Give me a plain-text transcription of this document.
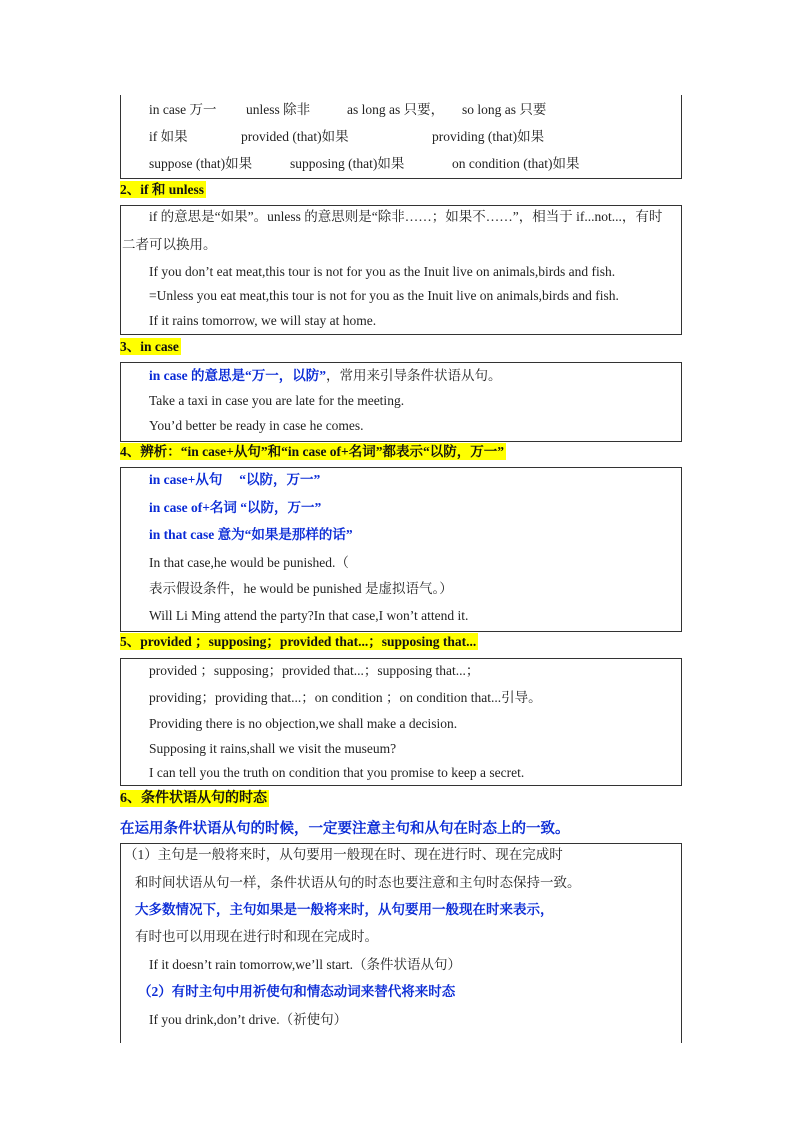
in case 万一 unless 除非	as long as 只要， so long as 只要
if 如果	provided (that)如果	providing (that)如果
suppose (that)如果	supposing (that)如果	on condition (that)如果
2、if 和 unless
if 的意思是“如果”。unless 的意思则是“除非……；如果不……”，相当于 if...not...，有时
二者可以换用。
If you don’t eat meat,this tour is not for you as the Inuit live on animals,birds and fish.
=Unless you eat meat,this tour is not for you as the Inuit live on animals,birds and fish.
If it rains tomorrow, we will stay at home.
3、in case
in case 的意思是“万一，以防”，常用来引导条件状语从句。
Take a taxi in case you are late for the meeting.
You’d better be ready in case he comes.
4、辨析：“in case+从句”和“in case of+名词”都表示“以防，万一”
in case+从句　 “以防，万一”
in case of+名词 “以防，万一”
in that case 意为“如果是那样的话”
In that case,he would be punished.（
表示假设条件，he would be punished 是虚拟语气。）
Will Li Ming attend the party?In that case,I won’t attend it.
5、provided ；supposing；provided that...；supposing that...
provided ；supposing；provided that...；supposing that...；
providing；providing that...；on condition ；on condition that...引导。
Providing there is no objection,we shall make a decision.
Supposing it rains,shall we visit the museum?
I can tell you the truth on condition that you promise to keep a secret.
6、条件状语从句的时态
在运用条件状语从句的时候，一定要注意主句和从句在时态上的一致。
（1）主句是一般将来时，从句要用一般现在时、现在进行时、现在完成时
和时间状语从句一样，条件状语从句的时态也要注意和主句时态保持一致。
大多数情况下，主句如果是一般将来时，从句要用一般现在时来表示，
有时也可以用现在进行时和现在完成时。
If it doesn’t rain tomorrow,we’ll start.（条件状语从句）
（2）有时主句中用祈使句和情态动词来替代将来时态
If you drink,don’t drive.（祈使句）
